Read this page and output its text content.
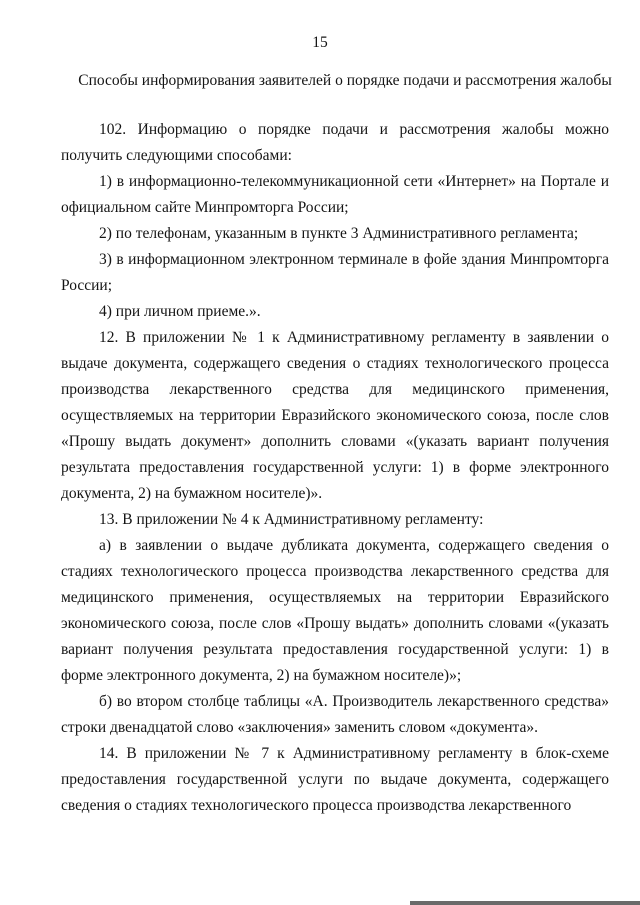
15
Способы информирования заявителей о порядке подачи и рассмотрения жалобы

102. Информацию о порядке подачи и рассмотрения жалобы можно получить следующими способами:

1) в информационно-телекоммуникационной сети «Интернет» на Портале и официальном сайте Минпромторга России;

2) по телефонам, указанным в пункте 3 Административного регламента;

3) в информационном электронном терминале в фойе здания Минпромторга России;

4) при личном приеме.».

12. В приложении № 1 к Административному регламенту в заявлении о выдаче документа, содержащего сведения о стадиях технологического процесса производства лекарственного средства для медицинского применения, осуществляемых на территории Евразийского экономического союза, после слов «Прошу выдать документ» дополнить словами «(указать вариант получения результата предоставления государственной услуги: 1) в форме электронного документа, 2) на бумажном носителе)».

13. В приложении № 4 к Административному регламенту:

а) в заявлении о выдаче дубликата документа, содержащего сведения о стадиях технологического процесса производства лекарственного средства для медицинского применения, осуществляемых на территории Евразийского экономического союза, после слов «Прошу выдать» дополнить словами «(указать вариант получения результата предоставления государственной услуги: 1) в форме электронного документа, 2) на бумажном носителе)»;

б) во втором столбце таблицы «А. Производитель лекарственного средства» строки двенадцатой слово «заключения» заменить словом «документа».

14. В приложении № 7 к Административному регламенту в блок-схеме предоставления государственной услуги по выдаче документа, содержащего сведения о стадиях технологического процесса производства лекарственного
